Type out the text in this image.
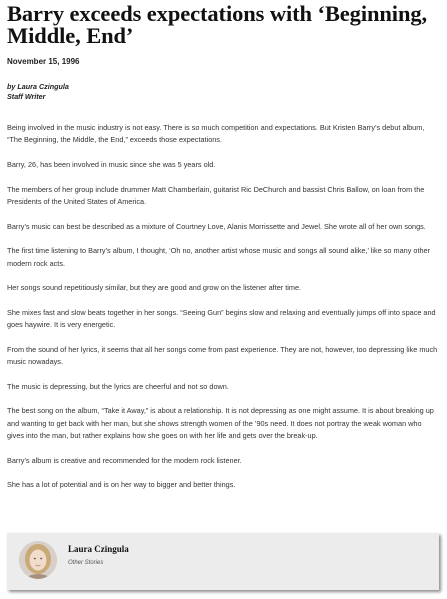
Barry exceeds expectations with ‘Beginning, Middle, End’
November 15, 1996
by Laura Czingula
Staff Writer

Being involved in the music industry is not easy. There is so much competition and expectations. But Kristen Barry’s debut album, “The Beginning, the Middle, the End,” exceeds those expectations.

Barry, 26, has been involved in music since she was 5 years old.

The members of her group include drummer Matt Chamberlain, guitarist Ric DeChurch and bassist Chris Ballow, on loan from the Presidents of the United States of America.

Barry’s music can best be described as a mixture of Courtney Love, Alanis Morrissette and Jewel. She wrote all of her own songs.

The first time listening to Barry’s album, I thought, ‘Oh no, another artist whose music and songs all sound alike,’ like so many other modern rock acts.

Her songs sound repetitiously similar, but they are good and grow on the listener after time.

She mixes fast and slow beats together in her songs. “Seeing Gun” begins slow and relaxing and eventually jumps off into space and goes haywire. It is very energetic.

From the sound of her lyrics, it seems that all her songs come from past experience. They are not, however, too depressing like much music nowadays.

The music is depressing, but the lyrics are cheerful and not so down.

The best song on the album, “Take it Away,” is about a relationship. It is not depressing as one might assume. It is about breaking up and wanting to get back with her man, but she shows strength women of the ’90s need. It does not portray the weak woman who gives into the man, but rather explains how she goes on with her life and gets over the break-up.

Barry’s album is creative and recommended for the modern rock listener.

She has a lot of potential and is on her way to bigger and better things.

Laura Czingula
Other Stories
